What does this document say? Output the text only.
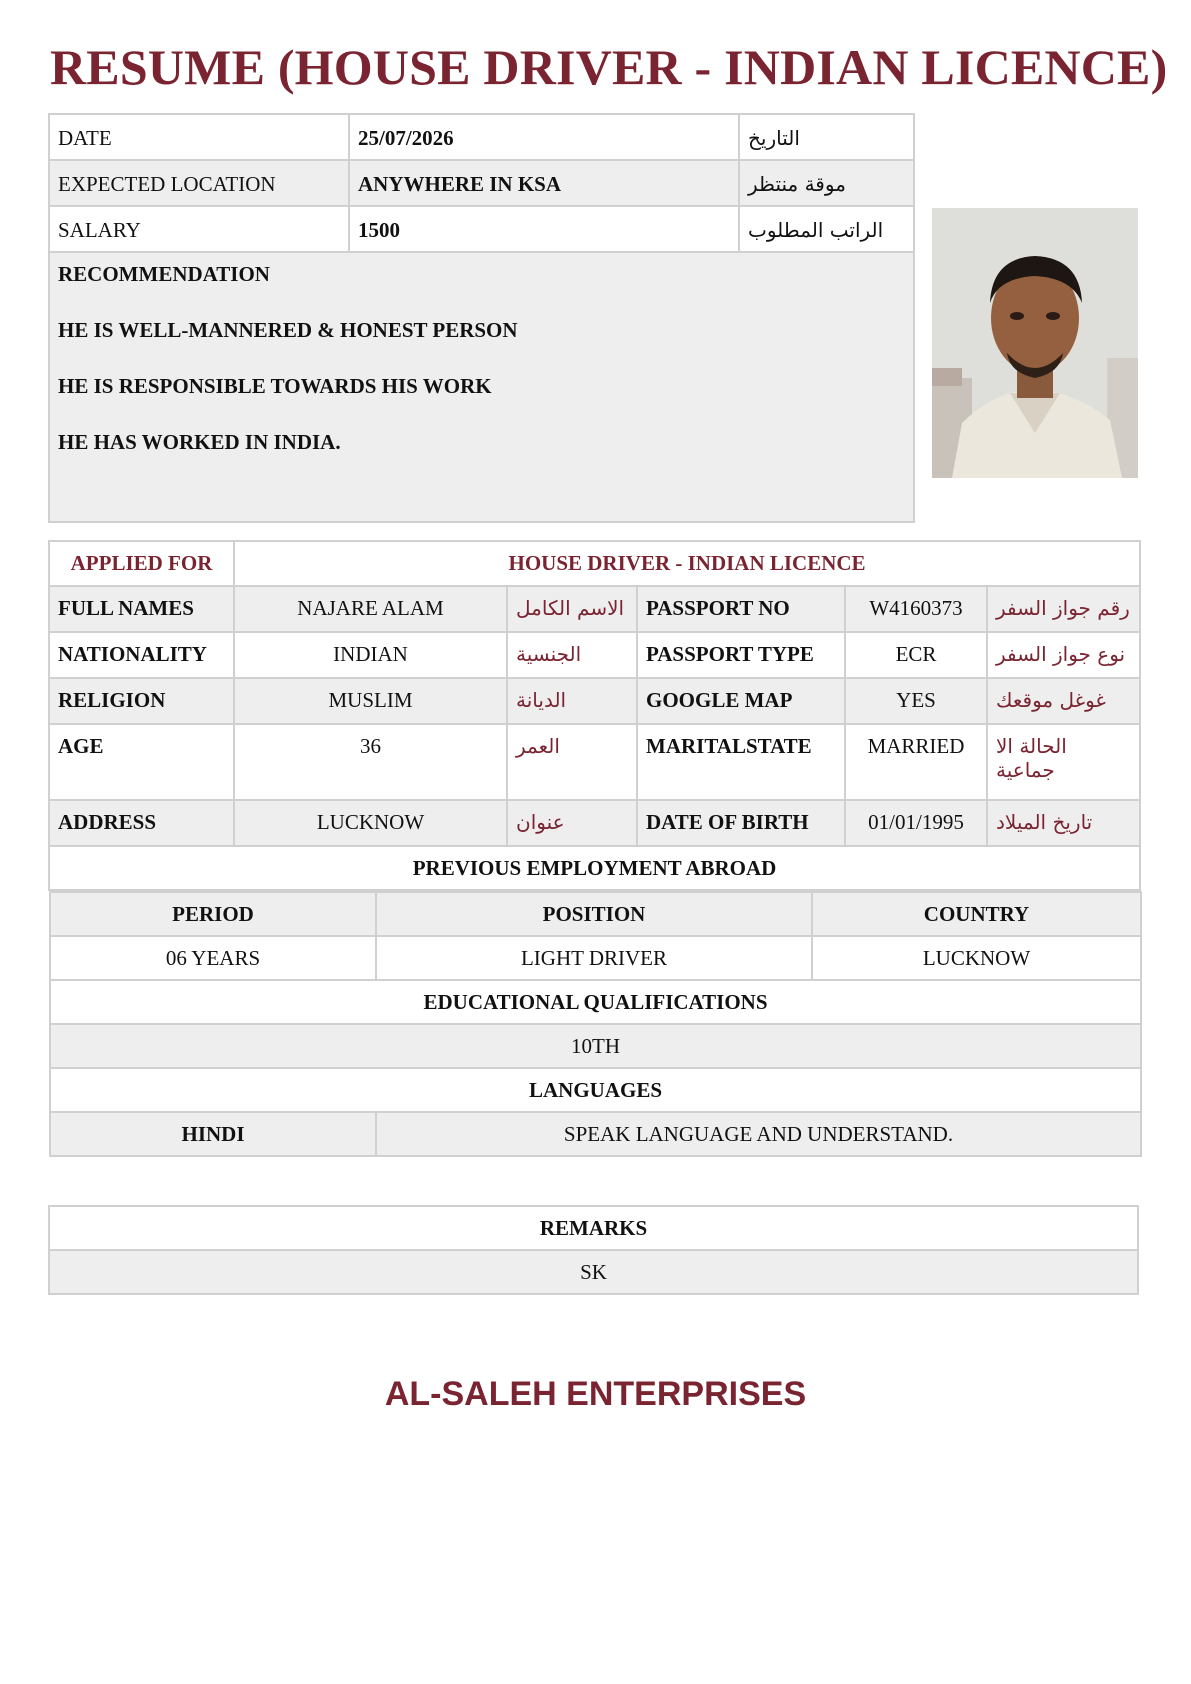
RESUME (HOUSE DRIVER - INDIAN LICENCE)
DATE	25/07/2026	التاريخ
EXPECTED LOCATION	ANYWHERE IN KSA	موقة منتظر
SALARY	1500	الراتب المطلوب

RECOMMENDATION
HE IS WELL-MANNERED & HONEST PERSON
HE IS RESPONSIBLE TOWARDS HIS WORK
HE HAS WORKED IN INDIA.		
APPLIED FOR	HOUSE DRIVER - INDIAN LICENCE
FULL NAMES	NAJARE ALAM	الاسم الكامل	PASSPORT NO	W4160373	رقم جواز السفر
NATIONALITY	INDIAN	الجنسية	PASSPORT TYPE	ECR	نوع جواز السفر
RELIGION	MUSLIM	الديانة	GOOGLE MAP	YES	غوغل موقعك
AGE	36	العمر	MARITALSTATE	MARRIED	الحالة الا جماعية
ADDRESS	LUCKNOW	عنوان	DATE OF BIRTH	01/01/1995	تاريخ الميلاد
PREVIOUS EMPLOYMENT ABROAD

PERIOD	POSITION	COUNTRY
06 YEARS	LIGHT DRIVER	LUCKNOW
EDUCATIONAL QUALIFICATIONS
10TH
LANGUAGES
HINDI	SPEAK LANGUAGE AND UNDERSTAND.
REMARKS
SK
AL-SALEH ENTERPRISES
